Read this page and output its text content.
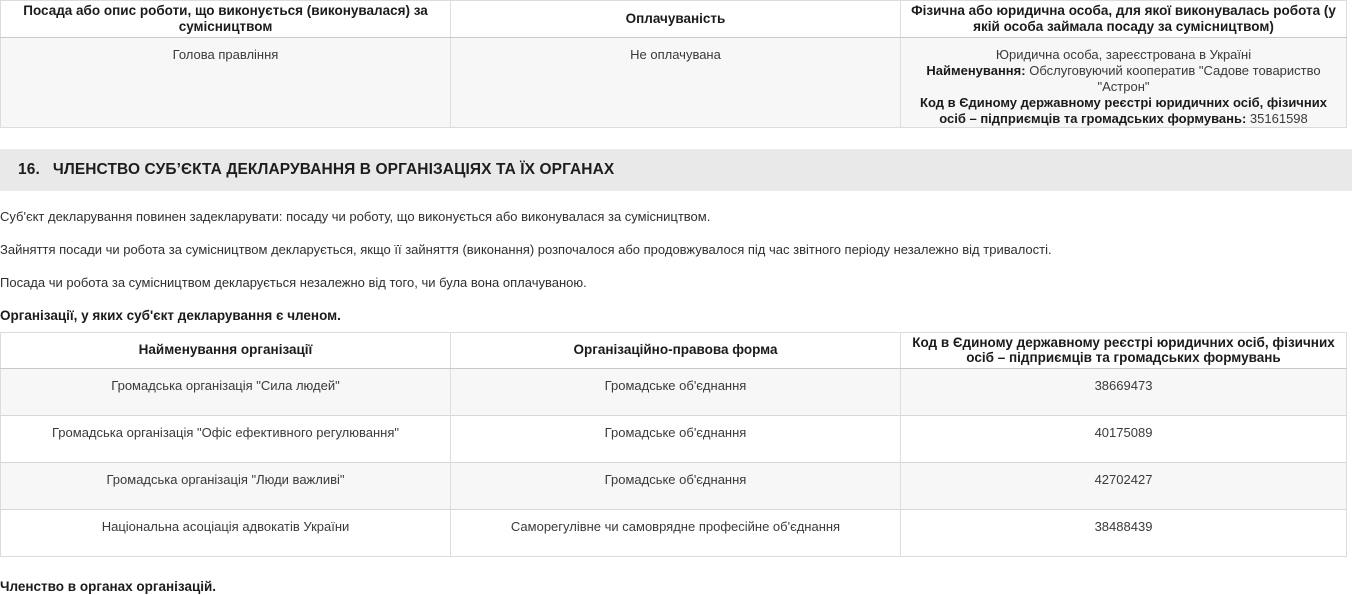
Посада або опис роботи, що виконується (виконувалася) за сумісництвом	Оплачуваність	Фізична або юридична особа, для якої виконувалась робота (у якій особа займала посаду за сумісництвом)
Голова правління	Не оплачувана	Юридична особа, зареєстрована в Україні
Найменування: Обслуговуючий кооператив "Садове товариство "Астрон"
Код в Єдиному державному реєстрі юридичних осіб, фізичних осіб – підприємців та громадських формувань: 35161598
16. ЧЛЕНСТВО СУБ’ЄКТА ДЕКЛАРУВАННЯ В ОРГАНІЗАЦІЯХ ТА ЇХ ОРГАНАХ

Суб'єкт декларування повинен задекларувати: посаду чи роботу, що виконується або виконувалася за сумісництвом.

Зайняття посади чи робота за сумісництвом декларується, якщо її зайняття (виконання) розпочалося або продовжувалося під час звітного періоду незалежно від тривалості.

Посада чи робота за сумісництвом декларується незалежно від того, чи була вона оплачуваною.

Організації, у яких суб'єкт декларування є членом.

Найменування організації	Організаційно-правова форма	Код в Єдиному державному реєстрі юридичних осіб, фізичних осіб – підприємців та громадських формувань
Громадська організація "Сила людей"	Громадське об'єднання	38669473
Громадська організація "Офіс ефективного регулювання"	Громадське об'єднання	40175089
Громадська організація "Люди важливі"	Громадське об'єднання	42702427
Національна асоціація адвокатів України	Саморегулівне чи самоврядне професійне об'єднання	38488439

Членство в органах організацій.
